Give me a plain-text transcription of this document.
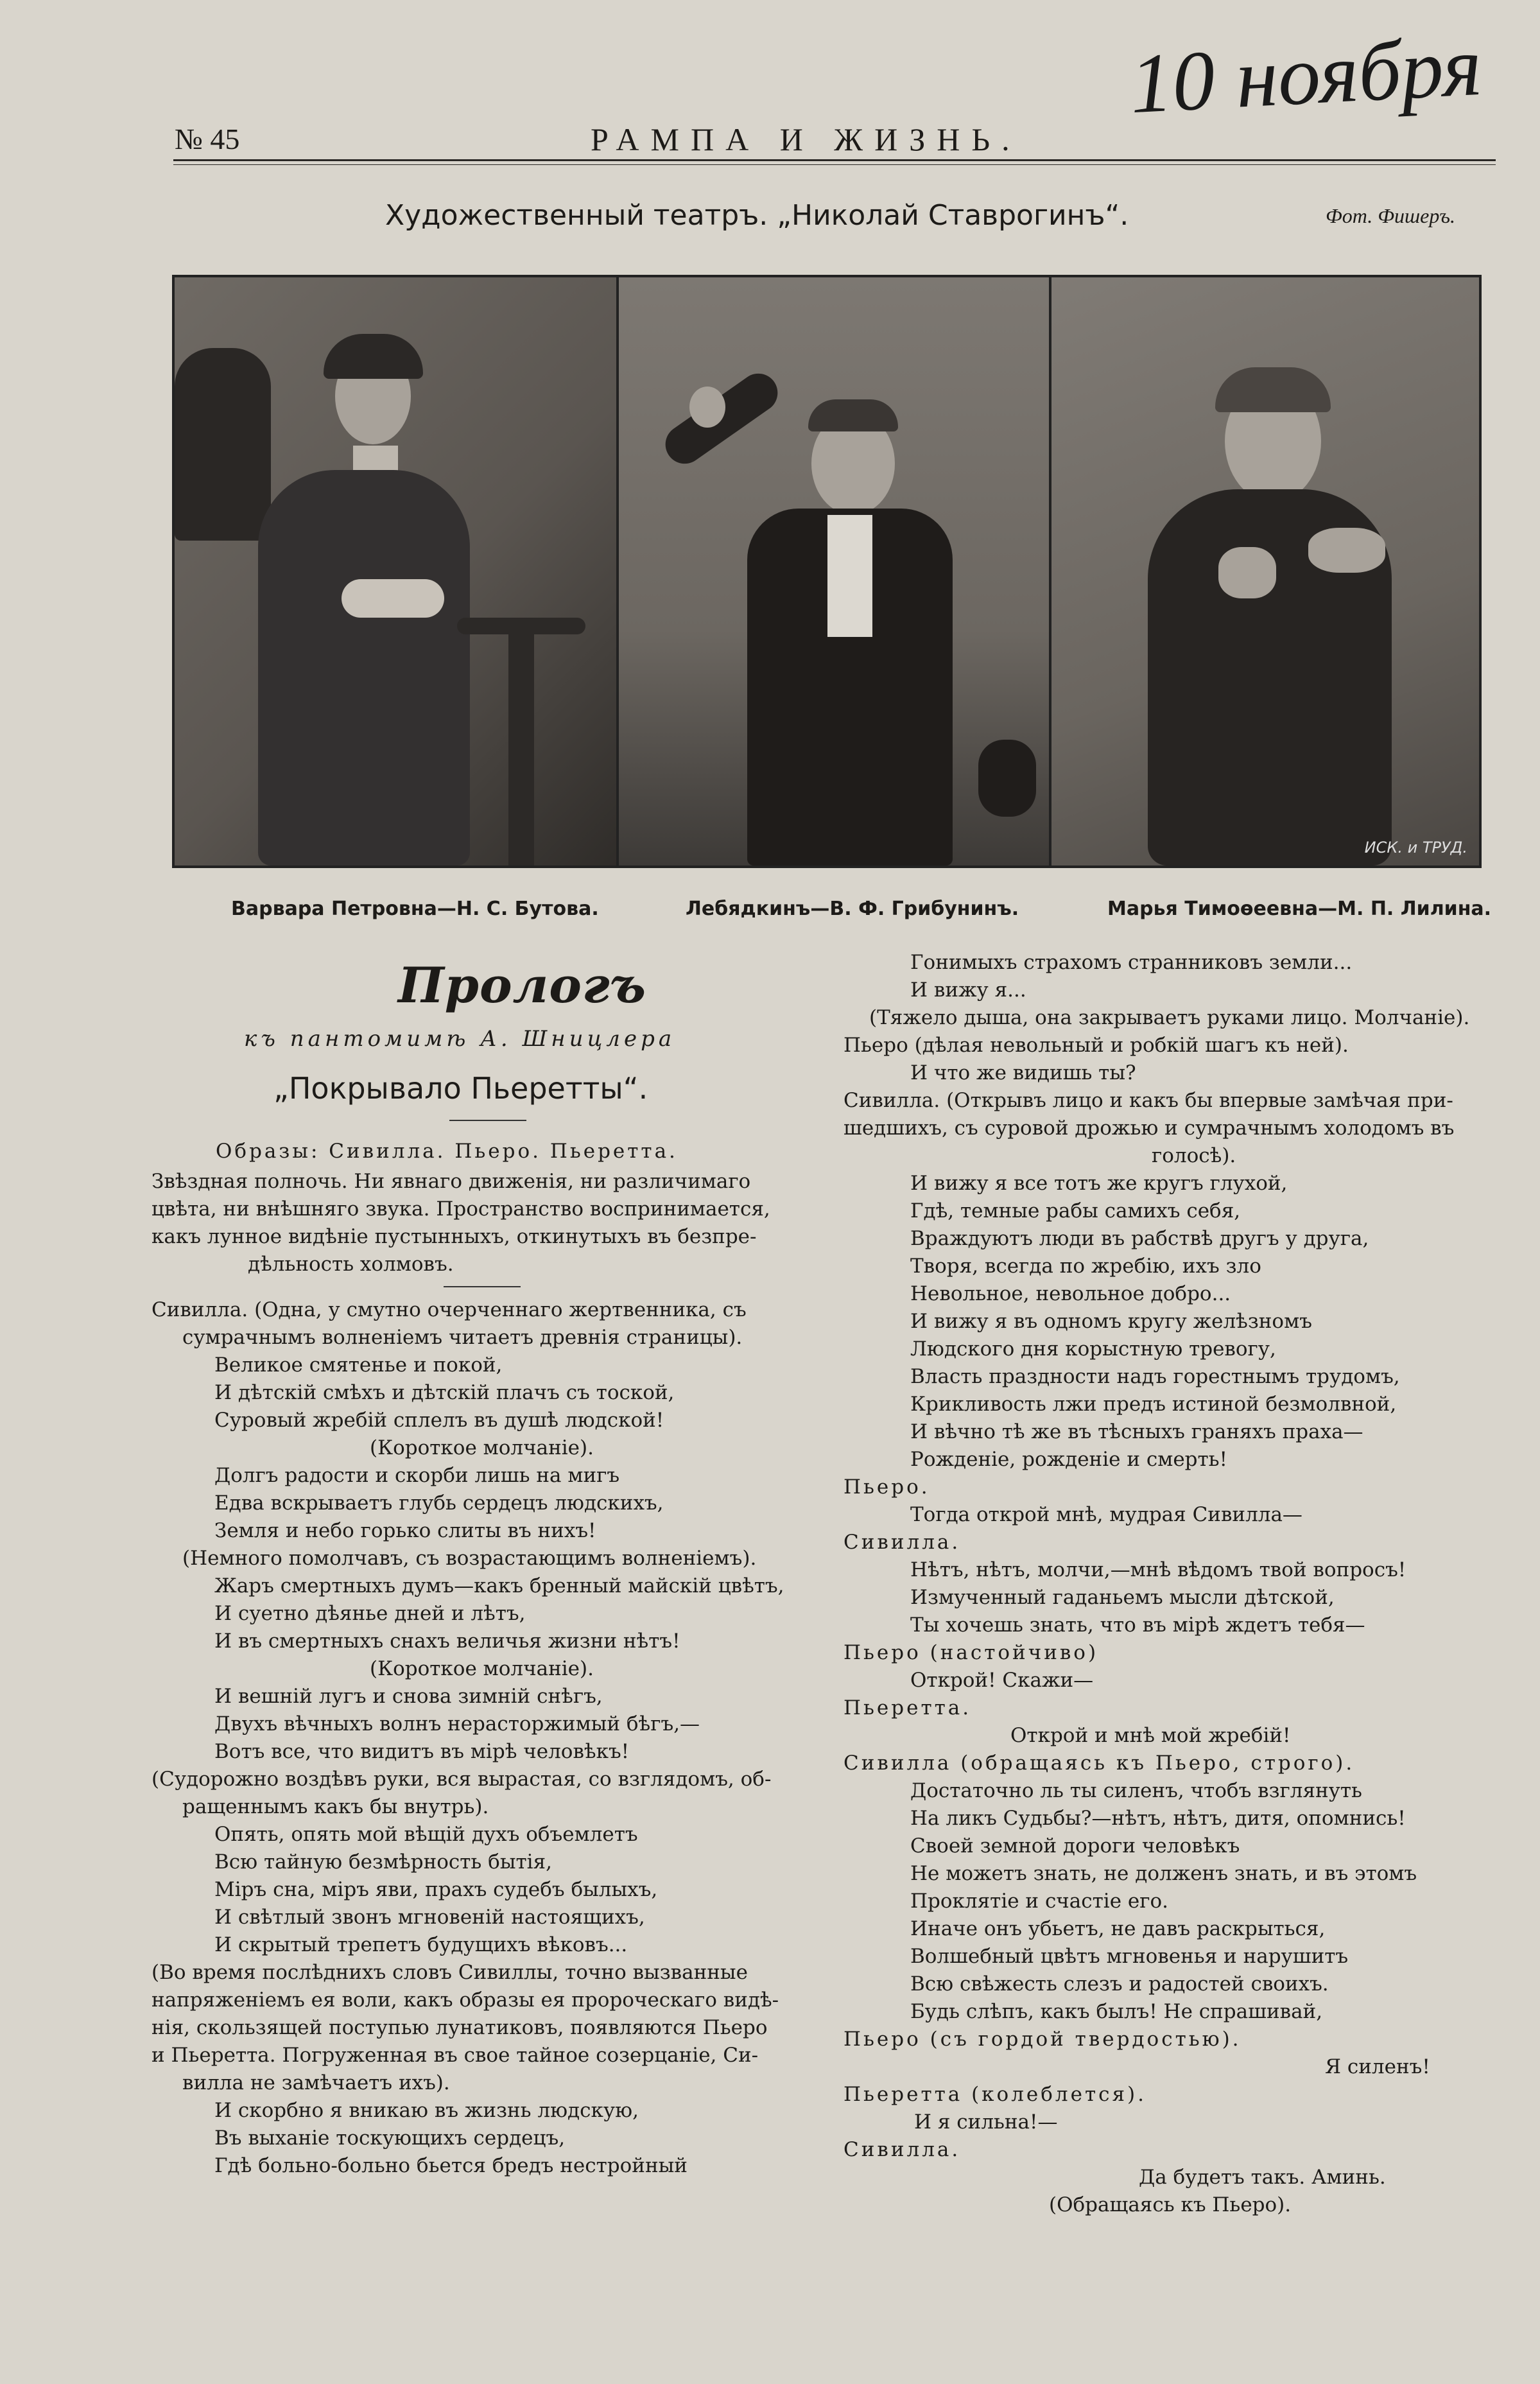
№ 45	РАМПА И ЖИЗНЬ.
10 ноября
Художественный театръ. „Николай Ставрогинъ“.	Фот. Фишеръ.
ИСК. и ТРУД.
Варвара Петровна—Н. С. Бутова.	Лебядкинъ—В. Ф. Грибунинъ.	Марья Тимоѳеевна—М. П. Лилина.
Прологъ
къ пантомимѣ А. Шницлера
„Покрывало Пьеретты“.

Образы: Сивилла. Пьеро. Пьеретта.

Звѣздная полночь. Ни явнаго движенія, ни различимаго

цвѣта, ни внѣшняго звука. Пространство воспринимается,

какъ лунное видѣніе пустынныхъ, откинутыхъ въ безпре-

дѣльность холмовъ.

Сивилла. (Одна, у смутно очерченнаго жертвенника, съ

сумрачнымъ волненіемъ читаетъ древнія страницы).

Великое смятенье и покой,

И дѣтскій смѣхъ и дѣтскій плачъ съ тоской,

Суровый жребій сплелъ въ душѣ людской!

(Короткое молчаніе).

Долгъ радости и скорби лишь на мигъ

Едва вскрываетъ глубь сердецъ людскихъ,

Земля и небо горько слиты въ нихъ!

(Немного помолчавъ, съ возрастающимъ волненіемъ).

Жаръ смертныхъ думъ—какъ бренный майскій цвѣтъ,

И суетно дѣянье дней и лѣтъ,

И въ смертныхъ снахъ величья жизни нѣтъ!

(Короткое молчаніе).

И вешній лугъ и снова зимній снѣгъ,

Двухъ вѣчныхъ волнъ нерасторжимый бѣгъ,—

Вотъ все, что видитъ въ мірѣ человѣкъ!

(Судорожно воздѣвъ руки, вся вырастая, со взглядомъ, об-

ращеннымъ какъ бы внутрь).

Опять, опять мой вѣщій духъ объемлетъ

Всю тайную безмѣрность бытія,

Міръ сна, міръ яви, прахъ судебъ былыхъ,

И свѣтлый звонъ мгновеній настоящихъ,

И скрытый трепетъ будущихъ вѣковъ...

(Во время послѣднихъ словъ Сивиллы, точно вызванные

напряженіемъ ея воли, какъ образы ея пророческаго видѣ-

нія, скользящей поступью лунатиковъ, появляются Пьеро

и Пьеретта. Погруженная въ свое тайное созерцаніе, Си-

вилла не замѣчаетъ ихъ).

И скорбно я вникаю въ жизнь людскую,

Въ выханіе тоскующихъ сердецъ,

Гдѣ больно-больно бьется бредъ нестройный

Гонимыхъ страхомъ странниковъ земли...

И вижу я...

(Тяжело дыша, она закрываетъ руками лицо. Молчаніе).

Пьеро (дѣлая невольный и робкій шагъ къ ней).

И что же видишь ты?

Сивилла. (Открывъ лицо и какъ бы впервые замѣчая при-

шедшихъ, съ суровой дрожью и сумрачнымъ холодомъ въ

голосѣ).

И вижу я все тотъ же кругъ глухой,

Гдѣ, темные рабы самихъ себя,

Враждуютъ люди въ рабствѣ другъ у друга,

Творя, всегда по жребію, ихъ зло

Невольное, невольное добро...

И вижу я въ одномъ кругу желѣзномъ

Людского дня корыстную тревогу,

Власть праздности надъ горестнымъ трудомъ,

Крикливость лжи предъ истиной безмолвной,

И вѣчно тѣ же въ тѣсныхъ граняхъ праха—

Рожденіе, рожденіе и смерть!

Пьеро.

Тогда открой мнѣ, мудрая Сивилла—

Сивилла.

Нѣтъ, нѣтъ, молчи,—мнѣ вѣдомъ твой вопросъ!

Измученный гаданьемъ мысли дѣтской,

Ты хочешь знать, что въ мірѣ ждетъ тебя—

Пьеро (настойчиво)

Открой! Скажи—

Пьеретта.

Открой и мнѣ мой жребій!

Сивилла (обращаясь къ Пьеро, строго).

Достаточно ль ты силенъ, чтобъ взглянуть

На ликъ Судьбы?—нѣтъ, нѣтъ, дитя, опомнись!

Своей земной дороги человѣкъ

Не можетъ знать, не долженъ знать, и въ этомъ

Проклятіе и счастіе его.

Иначе онъ убьетъ, не давъ раскрыться,

Волшебный цвѣтъ мгновенья и нарушитъ

Всю свѣжесть слезъ и радостей своихъ.

Будь слѣпъ, какъ былъ! Не спрашивай,

Пьеро (съ гордой твердостью).

Я силенъ!

Пьеретта (колеблется).

И я сильна!—

Сивилла.

Да будетъ такъ. Аминь.

(Обращаясь къ Пьеро).
